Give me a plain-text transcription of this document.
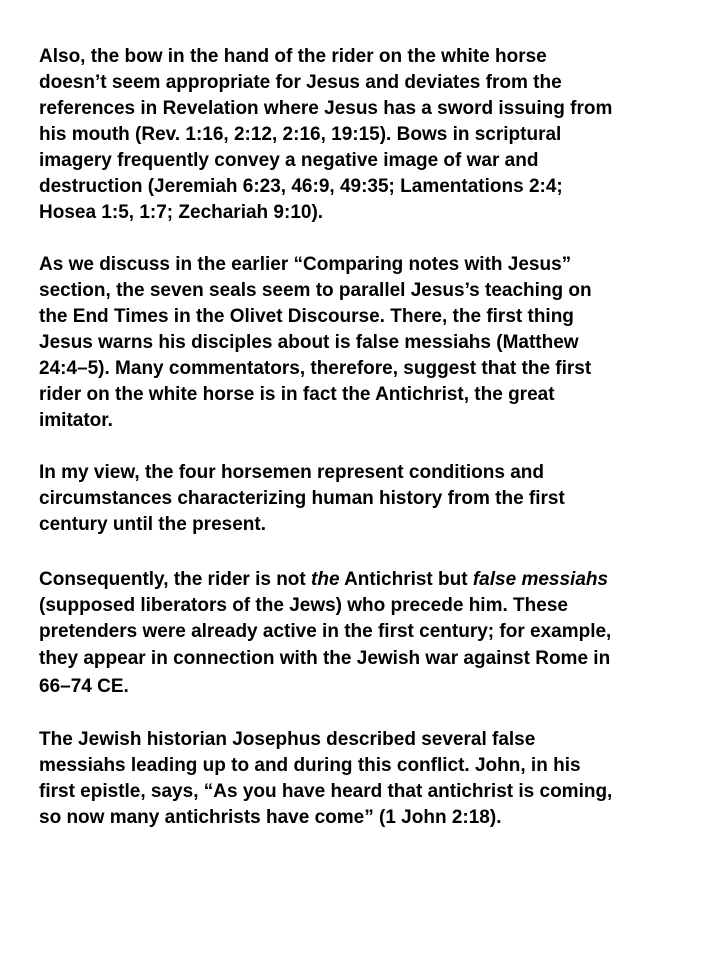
Also, the bow in the hand of the rider on the white horse
doesn’t seem appropriate for Jesus and deviates from the
references in Revelation where Jesus has a sword issuing from
his mouth (Rev. 1:16, 2:12, 2:16, 19:15). Bows in scriptural
imagery frequently convey a negative image of war and
destruction (Jeremiah 6:23, 46:9, 49:35; Lamentations 2:4;
Hosea 1:5, 1:7; Zechariah 9:10).

As we discuss in the earlier “Comparing notes with Jesus”
section, the seven seals seem to parallel Jesus’s teaching on
the End Times in the Olivet Discourse. There, the first thing
Jesus warns his disciples about is false messiahs (Matthew
24:4–5). Many commentators, therefore, suggest that the first
rider on the white horse is in fact the Antichrist, the great
imitator.

In my view, the four horsemen represent conditions and
circumstances characterizing human history from the first
century until the present.

Consequently, the rider is not the Antichrist but false messiahs
(supposed liberators of the Jews) who precede him. These
pretenders were already active in the first century; for example,
they appear in connection with the Jewish war against Rome in
66–74 CE.

The Jewish historian Josephus described several false
messiahs leading up to and during this conflict. John, in his
first epistle, says, “As you have heard that antichrist is coming,
so now many antichrists have come” (1 John 2:18).
